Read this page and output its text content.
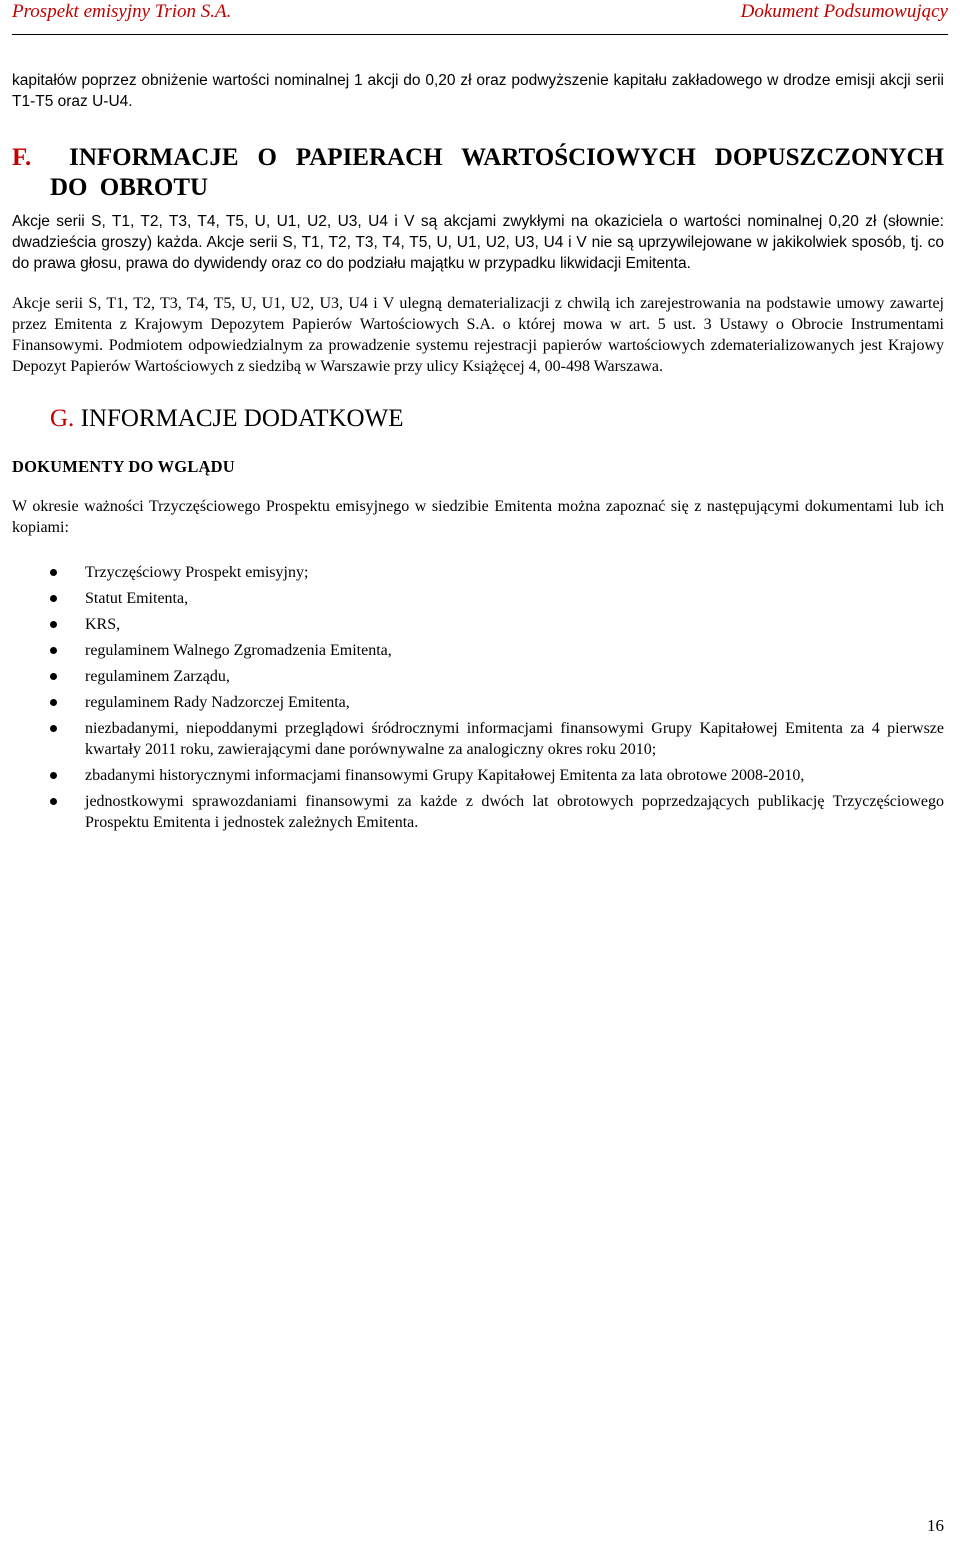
Prospekt emisyjny Trion S.A.	Dokument Podsumowujący

kapitałów poprzez obniżenie wartości nominalnej 1 akcji do 0,20 zł oraz podwyższenie kapitału zakładowego w drodze emisji akcji serii T1-T5 oraz U-U4.

F. INFORMACJE O PAPIERACH WARTOŚCIOWYCH DOPUSZCZONYCH DO OBROTU

Akcje serii S, T1, T2, T3, T4, T5, U, U1, U2, U3, U4 i V są akcjami zwykłymi na okaziciela o wartości nominalnej 0,20 zł (słownie: dwadzieścia groszy) każda. Akcje serii S, T1, T2, T3, T4, T5, U, U1, U2, U3, U4 i V nie są uprzywilejowane w jakikolwiek sposób, tj. co do prawa głosu, prawa do dywidendy oraz co do podziału majątku w przypadku likwidacji Emitenta.

Akcje serii S, T1, T2, T3, T4, T5, U, U1, U2, U3, U4 i V ulegną dematerializacji z chwilą ich zarejestrowania na podstawie umowy zawartej przez Emitenta z Krajowym Depozytem Papierów Wartościowych S.A. o której mowa w art. 5 ust. 3 Ustawy o Obrocie Instrumentami Finansowymi. Podmiotem odpowiedzialnym za prowadzenie systemu rejestracji papierów wartościowych zdematerializowanych jest Krajowy Depozyt Papierów Wartościowych z siedzibą w Warszawie przy ulicy Książęcej 4, 00-498 Warszawa.

G. INFORMACJE DODATKOWE

DOKUMENTY DO WGLĄDU

W okresie ważności Trzyczęściowego Prospektu emisyjnego w siedzibie Emitenta można zapoznać się z następującymi dokumentami lub ich kopiami:

Trzyczęściowy Prospekt emisyjny;
Statut Emitenta,
KRS,
regulaminem Walnego Zgromadzenia Emitenta,
regulaminem Zarządu,
regulaminem Rady Nadzorczej Emitenta,
niezbadanymi, niepoddanymi przeglądowi śródrocznymi informacjami finansowymi Grupy Kapitałowej Emitenta za 4 pierwsze kwartały 2011 roku, zawierającymi dane porównywalne za analogiczny okres roku 2010;
zbadanymi historycznymi informacjami finansowymi Grupy Kapitałowej Emitenta za lata obrotowe 2008-2010,
jednostkowymi sprawozdaniami finansowymi za każde z dwóch lat obrotowych poprzedzających publikację Trzyczęściowego Prospektu Emitenta i jednostek zależnych Emitenta.
16
